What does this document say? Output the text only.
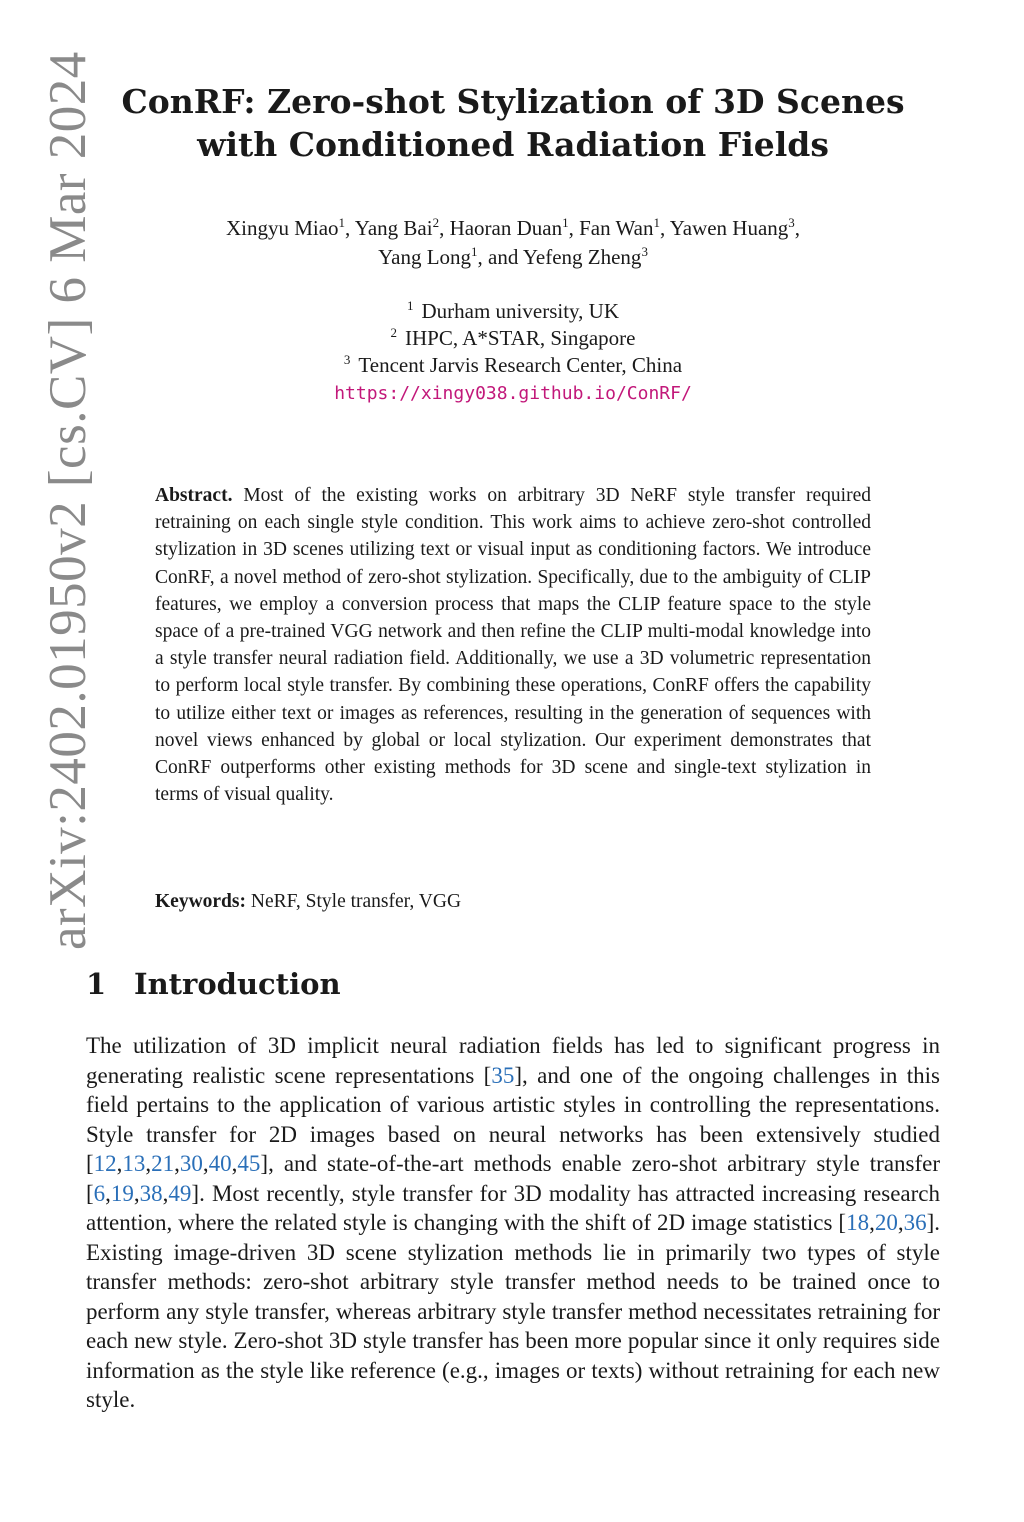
arXiv:2402.01950v2 [cs.CV] 6 Mar 2024 ConRF: Zero-shot Stylization of 3D Scenes with Conditioned Radiation Fields
Xingyu Miao$^1$, Yang Bai$^2$, Haoran Duan$^1$, Fan Wan$^1$, Yawen Huang$^3$,
Yang Long$^1$, and Yefeng Zheng$^3$
$^1$ Durham university, UK
$^2$ IHPC, A*STAR, Singapore
$^3$ Tencent Jarvis Research Center, China
https://xingy038.github.io/ConRF/
Abstract. Most of the existing works on arbitrary 3D NeRF style transfer required retraining on each single style condition. This work aims to achieve zero-shot controlled stylization in 3D scenes utilizing text or visual input as conditioning factors. We introduce ConRF, a novel method of zero-shot stylization. Specifically, due to the ambiguity of CLIP features, we employ a conversion process that maps the CLIP feature space to the style space of a pre-trained VGG network and then refine the CLIP multi-modal knowledge into a style transfer neural radiation field. Additionally, we use a 3D volumetric representation to perform local style transfer. By combining these operations, ConRF offers the capability to utilize either text or images as references, resulting in the generation of sequences with novel views enhanced by global or local stylization. Our experiment demonstrates that ConRF outperforms other existing methods for 3D scene and single-text stylization in terms of visual quality.
Keywords: NeRF, Style transfer, VGG
1 Introduction
The utilization of 3D implicit neural radiation fields has led to significant progress in generating realistic scene representations [35], and one of the ongoing challenges in this field pertains to the application of various artistic styles in controlling the representations. Style transfer for 2D images based on neural networks has been extensively studied [12,13,21,30,40,45], and state-of-the-art methods enable zero-shot arbitrary style transfer [6,19,38,49]. Most recently, style transfer for 3D modality has attracted increasing research attention, where the related style is changing with the shift of 2D image statistics [18,20,36]. Existing image-driven 3D scene stylization methods lie in primarily two types of style transfer methods: zero-shot arbitrary style transfer method needs to be trained once to perform any style transfer, whereas arbitrary style transfer method necessitates retraining for each new style. Zero-shot 3D style transfer has been more popular since it only requires side information as the style like reference (e.g., images or texts) without retraining for each new style.
